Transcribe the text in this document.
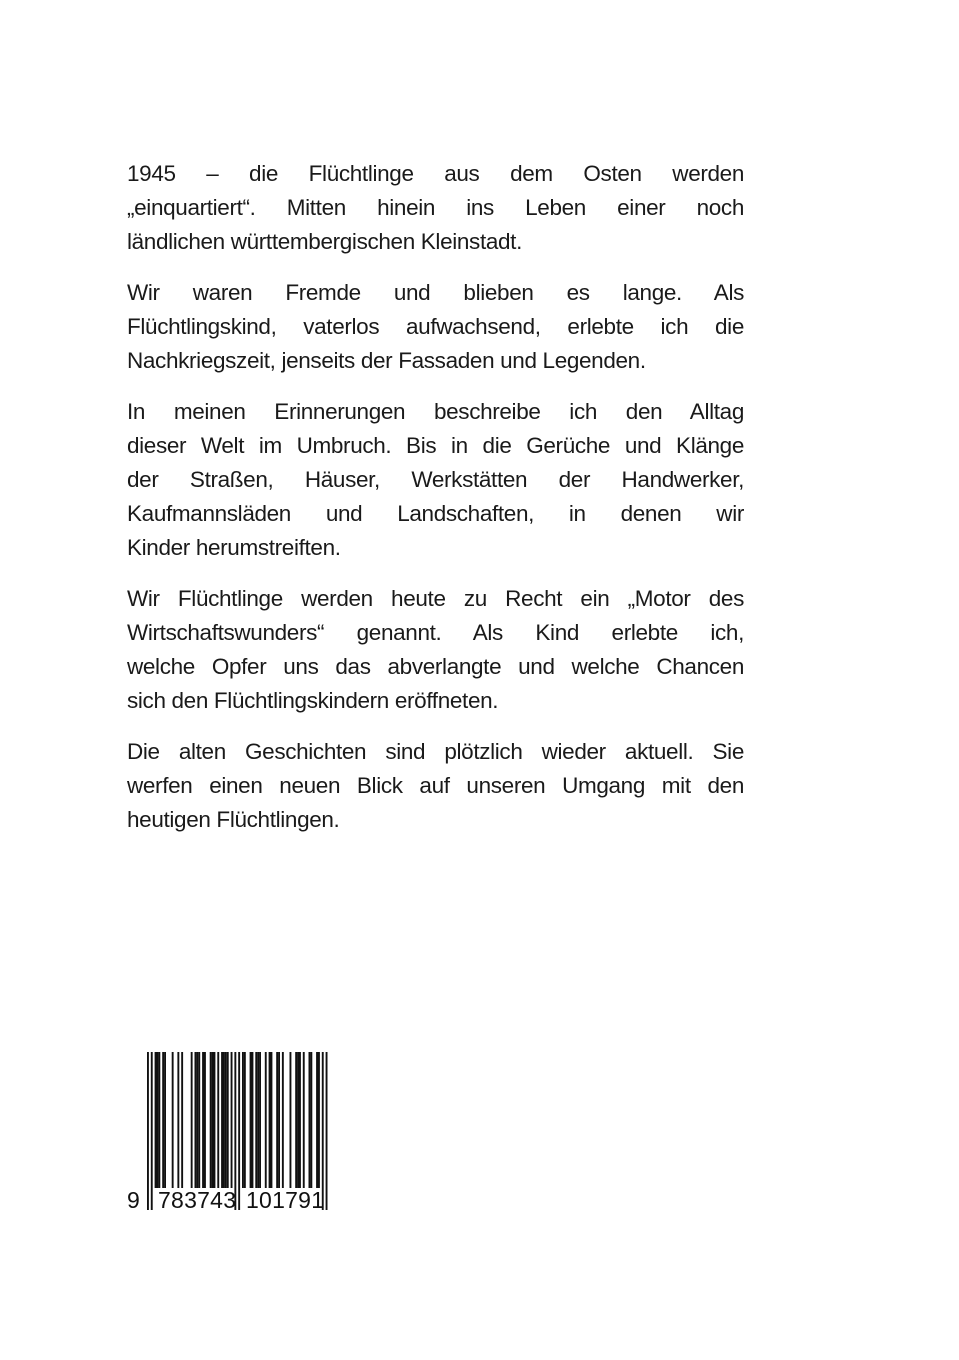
1945 – die Flüchtlinge aus dem Osten werden
„einquartiert“. Mitten hinein ins Leben einer noch
ländlichen württembergischen Kleinstadt.
Wir waren Fremde und blieben es lange. Als
Flüchtlingskind, vaterlos aufwachsend, erlebte ich die
Nachkriegszeit, jenseits der Fassaden und Legenden.
In meinen Erinnerungen beschreibe ich den Alltag
dieser Welt im Umbruch. Bis in die Gerüche und Klänge
der Straßen, Häuser, Werkstätten der Handwerker,
Kaufmannsläden und Landschaften, in denen wir
Kinder herumstreiften.
Wir Flüchtlinge werden heute zu Recht ein „Motor des
Wirtschaftswunders“ genannt. Als Kind erlebte ich,
welche Opfer uns das abverlangte und welche Chancen
sich den Flüchtlingskindern eröffneten.
Die alten Geschichten sind plötzlich wieder aktuell. Sie
werfen einen neuen Blick auf unseren Umgang mit den
heutigen Flüchtlingen.
9 783743 101791
